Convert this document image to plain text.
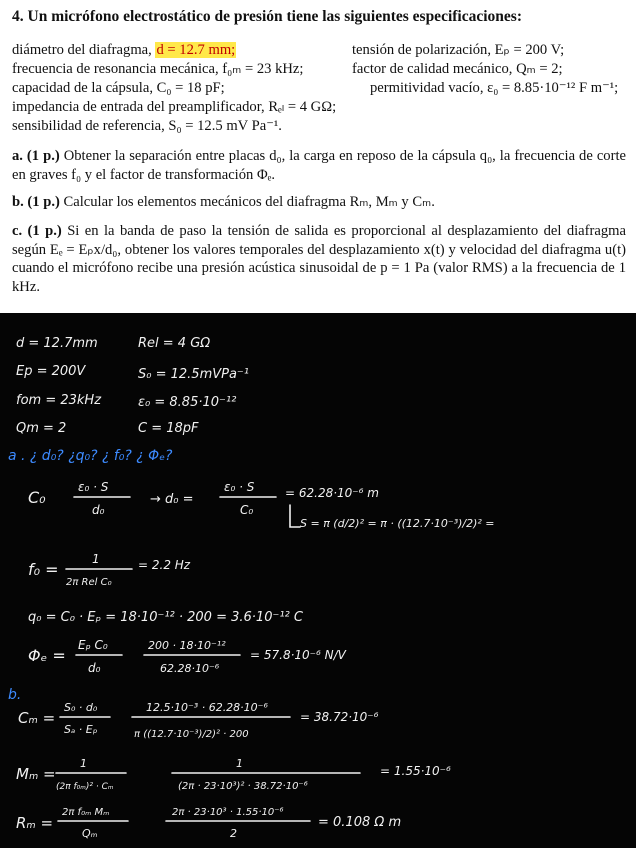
4. Un micrófono electrostático de presión tiene las siguientes especificaciones:
diámetro del diafragma, d = 12.7 mm;	tensión de polarización, Eₚ = 200 V;
frecuencia de resonancia mecánica, f₀ₘ = 23 kHz;	factor de calidad mecánico, Qₘ = 2;
capacidad de la cápsula, C₀ = 18 pF;	permitividad vacío, ε₀ = 8.85·10⁻¹² F m⁻¹;
impedancia de entrada del preamplificador, Rₑₗ = 4 GΩ;
sensibilidad de referencia, S₀ = 12.5 mV Pa⁻¹.
a. (1 p.) Obtener la separación entre placas d₀, la carga en reposo de la cápsula q₀, la frecuencia de corte en graves f₀ y el factor de transformación Φₑ.
b. (1 p.) Calcular los elementos mecánicos del diafragma Rₘ, Mₘ y Cₘ.
c. (1 p.) Si en la banda de paso la tensión de salida es proporcional al desplazamiento del diafragma según Eₑ = Eₚx/d₀, obtener los valores temporales del desplazamiento x(t) y velocidad del diafragma u(t) cuando el micrófono recibe una presión acústica sinusoidal de p = 1 Pa (valor RMS) a la frecuencia de 1 kHz.
d = 12.7mm
Ep = 200V
fom = 23kHz
Qm = 2
Rel = 4 GΩ
S₀ = 12.5mVPa⁻¹
ε₀ = 8.85·10⁻¹²
C = 18pF
a . ¿ d₀? ¿q₀? ¿ f₀? ¿ Φₑ?
C₀
ε₀ · S
d₀
→ d₀ =
ε₀ · S
C₀
= 62.28·10⁻⁶ m
S = π (d/2)² = π · ((12.7·10⁻³)/2)² =
f₀ =
1
2π Rel C₀
= 2.2 Hz
q₀ = C₀ · Eₚ = 18·10⁻¹² · 200 = 3.6·10⁻¹² C
Φₑ =
Eₚ C₀
d₀
200 · 18·10⁻¹²
62.28·10⁻⁶
= 57.8·10⁻⁶ N/V
b.
Cₘ =
S₀ · d₀
Sₐ · Eₚ
12.5·10⁻³ · 62.28·10⁻⁶
π ((12.7·10⁻³)/2)² · 200
= 38.72·10⁻⁶
Mₘ =
1
(2π f₀ₘ)² · Cₘ
1
(2π · 23·10³)² · 38.72·10⁻⁶
= 1.55·10⁻⁶
Rₘ =
2π f₀ₘ Mₘ
Qₘ
2π · 23·10³ · 1.55·10⁻⁶
2
= 0.108 Ω m
